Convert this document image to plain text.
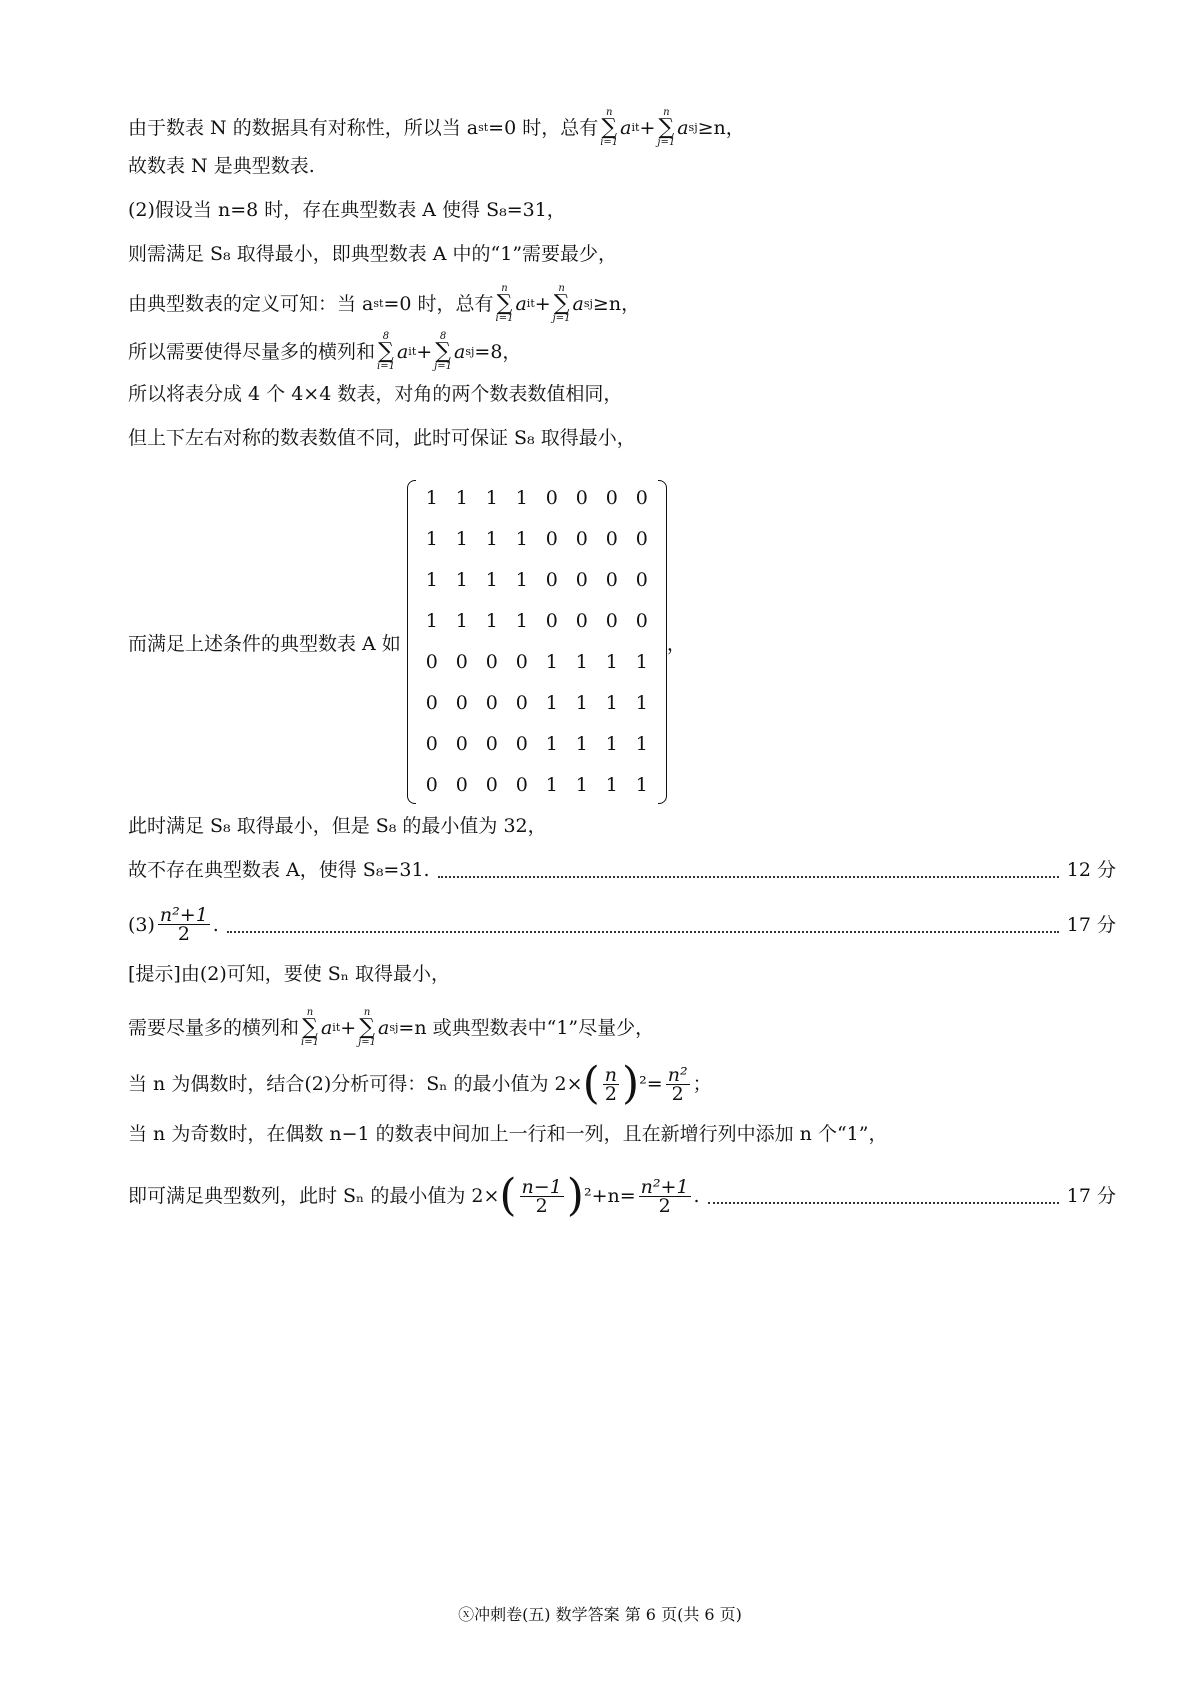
由于数表 N 的数据具有对称性，所以当 a st =0 时，总有
n
∑
i=1
a it +
n
∑
j=1
a sj ≥n，
故数表 N 是典型数表.
(2)假设当 n=8 时，存在典型数表 A 使得 S₈=31，
则需满足 S₈ 取得最小，即典型数表 A 中的“1”需要最少，
由典型数表的定义可知：当 a st =0 时，总有
n
∑
i=1
a it +
n
∑
j=1
a sj ≥n，
所以需要使得尽量多的横列和
8
∑
i=1
a it +
8
∑
j=1
a sj =8，
所以将表分成 4 个 4×4 数表，对角的两个数表数值相同，
但上下左右对称的数表数值不同，此时可保证 S₈ 取得最小，
而满足上述条件的典型数表 A 如
1 1 1 1 0 0 0 0
1 1 1 1 0 0 0 0
1 1 1 1 0 0 0 0
1 1 1 1 0 0 0 0
0 0 0 0 1 1 1 1
0 0 0 0 1 1 1 1
0 0 0 0 1 1 1 1
0 0 0 0 1 1 1 1
，
此时满足 S₈ 取得最小，但是 S₈ 的最小值为 32，
故不存在典型数表 A，使得 S₈=31.	12 分
$(3) \frac{\text{n²+1}}{2}$ .	17 分
[提示]由(2)可知，要使 Sₙ 取得最小，
需要尽量多的横列和
n
∑
i=1
a it +
n
∑
j=1
a sj =n 或典型数表中“1”尽量少，
当 n 为偶数时，结合(2)分析可得：Sₙ 的最小值为 2× ( $\frac{n}{2}$ ) $^2= \frac{\text{n²}}{2}$ ；
当 n 为奇数时，在偶数 n−1 的数表中间加上一行和一列，且在新增行列中添加 n 个“1”，
即可满足典型数列，此时 Sₙ 的最小值为 2× ( $\frac{n-1}{2}$ ) $^2+n= \frac{\text{n²+1}}{2}$ .	17 分
ⓧ冲刺卷(五) 数学答案 第 6 页(共 6 页)
